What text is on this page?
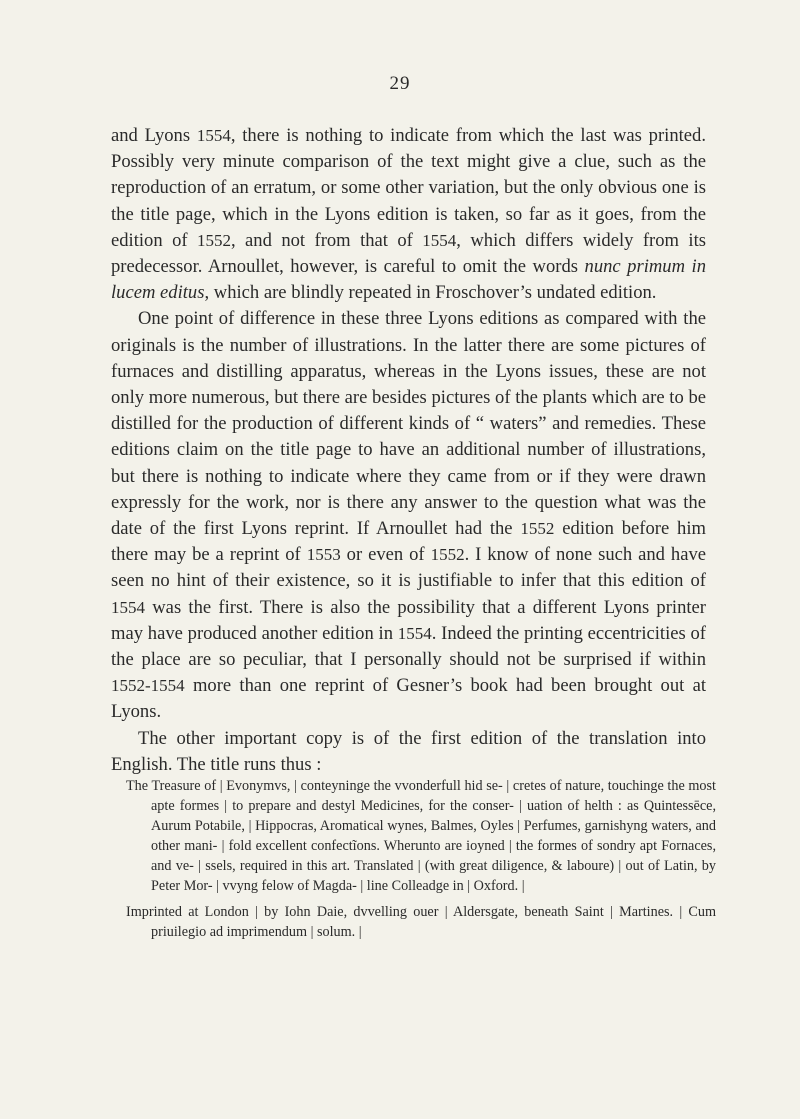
29

and Lyons 1554, there is nothing to indicate from which the last was printed. Possibly very minute comparison of the text might give a clue, such as the reproduction of an erratum, or some other variation, but the only obvious one is the title page, which in the Lyons edition is taken, so far as it goes, from the edition of 1552, and not from that of 1554, which differs widely from its predecessor. Arnoullet, however, is careful to omit the words nunc primum in lucem editus, which are blindly repeated in Froschover’s undated edition.

One point of difference in these three Lyons editions as compared with the originals is the number of illustrations. In the latter there are some pictures of furnaces and distilling apparatus, whereas in the Lyons issues, these are not only more numerous, but there are besides pictures of the plants which are to be distilled for the production of different kinds of “ waters” and remedies. These editions claim on the title page to have an additional number of illustrations, but there is nothing to indicate where they came from or if they were drawn expressly for the work, nor is there any answer to the question what was the date of the first Lyons reprint. If Arnoullet had the 1552 edition before him there may be a reprint of 1553 or even of 1552. I know of none such and have seen no hint of their existence, so it is justifiable to infer that this edition of 1554 was the first. There is also the possibility that a different Lyons printer may have produced another edition in 1554. Indeed the printing eccentricities of the place are so peculiar, that I personally should not be surprised if within 1552-1554 more than one reprint of Gesner’s book had been brought out at Lyons.

The other important copy is of the first edition of the translation into English. The title runs thus :

The Treasure of | Evonymvs, | conteyninge the vvonderfull hid se- | cretes of nature, touchinge the most apte formes | to prepare and destyl Medicines, for the conser- | uation of helth : as Quintessēce, Aurum Potabile, | Hippocras, Aromatical wynes, Balmes, Oyles | Perfumes, garnishyng waters, and other mani- | fold excellent confectĩons. Wherunto are ioyned | the formes of sondry apt Fornaces, and ve- | ssels, required in this art. Translated | (with great diligence, & laboure) | out of Latin, by Peter Mor- | vvyng felow of Magda- | line Colleadge in | Oxford. |

Imprinted at London | by Iohn Daie, dvvelling ouer | Aldersgate, beneath Saint | Martines. | Cum priuilegio ad imprimendum | solum. |
